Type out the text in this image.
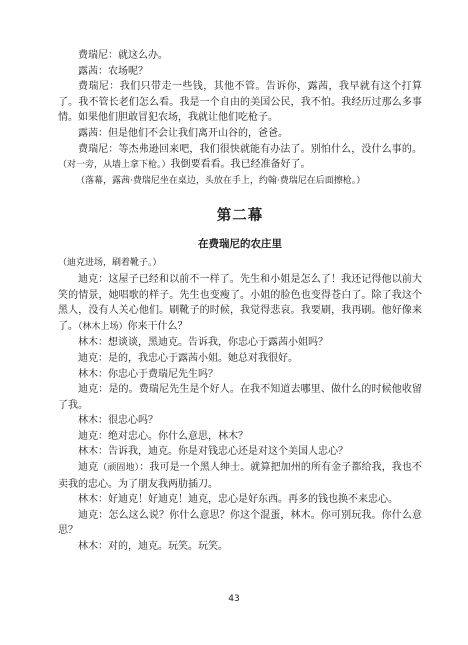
费瑞尼：就这么办。

露茜：农场呢？

费瑞尼：我们只带走一些钱，其他不管。告诉你，露茜，我早就有这个打算了。我不管长老们怎么看。我是一个自由的美国公民，我不怕。我经历过那么多事情。如果他们胆敢冒犯农场，我就让他们吃枪子。

露茜：但是他们不会让我们离开山谷的，爸爸。

费瑞尼：等杰弗逊回来吧，我们很快就能有办法了。别怕什么，没什么事的。（对一旁，从墙上拿下枪。）我倒要看看。我已经准备好了。

（落幕，露茜·费瑞尼坐在桌边，头放在手上，约翰·费瑞尼在后面擦枪。）

第二幕
在费瑞尼的农庄里

（迪克进场，刷着靴子。）

迪克：这屋子已经和以前不一样了。先生和小姐是怎么了！我还记得他以前大笑的情景，她唱歌的样子。先生也变瘦了。小姐的脸色也变得苍白了。除了我这个黑人，没有人关心他们。刷靴子的时候，我觉得悲哀。我要刷，我再刷。他好像来了。（林木上场）你来干什么？

林木：想谈谈，黑迪克。告诉我，你忠心于露茜小姐吗？

迪克：是的，我忠心于露茜小姐。她总对我很好。

林木：你忠心于费瑞尼先生吗？

迪克：是的。费瑞尼先生是个好人。在我不知道去哪里、做什么的时候他收留了我。

林木：很忠心吗？

迪克：绝对忠心。你什么意思，林木？

林木：告诉我，迪克。你是对钱忠心还是对这个美国人忠心？

迪克（顽固地）：我可是一个黑人绅士。就算把加州的所有金子都给我，我也不卖我的忠心。为了朋友我两肋插刀。

林木：好迪克！好迪克！迪克，忠心是好东西。再多的钱也换不来忠心。

迪克：怎么这么说？你什么意思？你这个混蛋，林木。你可别玩我。你什么意思？

林木：对的，迪克。玩笑。玩笑。

43
